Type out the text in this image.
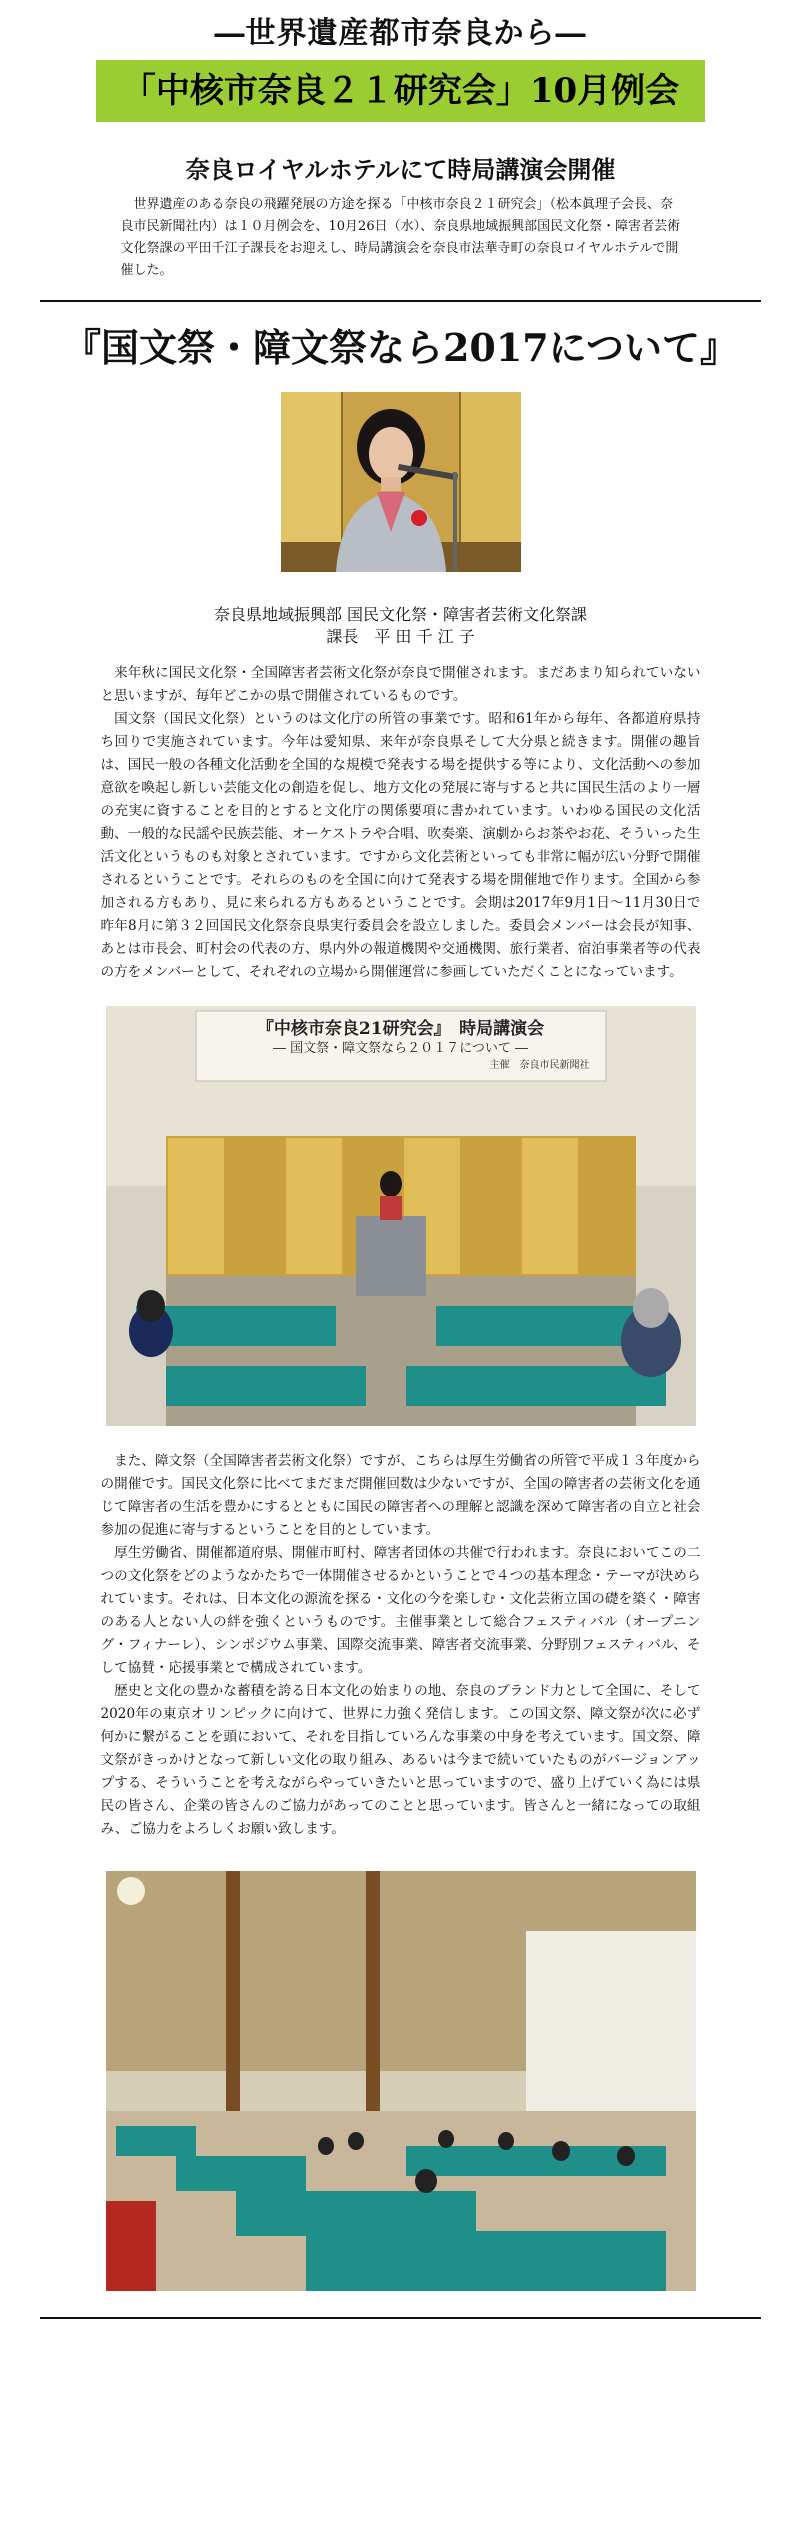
―世界遺産都市奈良から―
「中核市奈良２１研究会」10月例会
奈良ロイヤルホテルにて時局講演会開催

世界遺産のある奈良の飛躍発展の方途を探る「中核市奈良２１研究会」（松本眞理子会長、奈良市民新聞社内）は１０月例会を、10月26日（水）、奈良県地域振興部国民文化祭・障害者芸術文化祭課の平田千江子課長をお迎えし、時局講演会を奈良市法華寺町の奈良ロイヤルホテルで開催した。

『国文祭・障文祭なら2017について』
奈良県地域振興部 国民文化祭・障害者芸術文化祭課
課長　平 田 千 江 子

来年秋に国民文化祭・全国障害者芸術文化祭が奈良で開催されます。まだあまり知られていないと思いますが、毎年どこかの県で開催されているものです。

国文祭（国民文化祭）というのは文化庁の所管の事業です。昭和61年から毎年、各都道府県持ち回りで実施されています。今年は愛知県、来年が奈良県そして大分県と続きます。開催の趣旨は、国民一般の各種文化活動を全国的な規模で発表する場を提供する等により、文化活動への参加意欲を喚起し新しい芸能文化の創造を促し、地方文化の発展に寄与すると共に国民生活のより一層の充実に資することを目的とすると文化庁の関係要項に書かれています。いわゆる国民の文化活動、一般的な民謡や民族芸能、オーケストラや合唱、吹奏楽、演劇からお茶やお花、そういった生活文化というものも対象とされています。ですから文化芸術といっても非常に幅が広い分野で開催されるということです。それらのものを全国に向けて発表する場を開催地で作ります。全国から参加される方もあり、見に来られる方もあるということです。会期は2017年9月1日～11月30日で昨年8月に第３２回国民文化祭奈良県実行委員会を設立しました。委員会メンバーは会長が知事、あとは市長会、町村会の代表の方、県内外の報道機関や交通機関、旅行業者、宿泊事業者等の代表の方をメンバーとして、それぞれの立場から開催運営に参画していただくことになっています。

『中核市奈良21研究会』　時局講演会
― 国文祭・障文祭なら２０１７について ―
主催　奈良市民新聞社

また、障文祭（全国障害者芸術文化祭）ですが、こちらは厚生労働省の所管で平成１３年度からの開催です。国民文化祭に比べてまだまだ開催回数は少ないですが、全国の障害者の芸術文化を通じて障害者の生活を豊かにするとともに国民の障害者への理解と認識を深めて障害者の自立と社会参加の促進に寄与するということを目的としています。

厚生労働省、開催都道府県、開催市町村、障害者団体の共催で行われます。奈良においてこの二つの文化祭をどのようなかたちで一体開催させるかということで４つの基本理念・テーマが決められています。それは、日本文化の源流を探る・文化の今を楽しむ・文化芸術立国の礎を築く・障害のある人とない人の絆を強くというものです。主催事業として総合フェスティバル（オープニング・フィナーレ）、シンポジウム事業、国際交流事業、障害者交流事業、分野別フェスティバル、そして協賛・応援事業とで構成されています。

歴史と文化の豊かな蓄積を誇る日本文化の始まりの地、奈良のブランド力として全国に、そして2020年の東京オリンピックに向けて、世界に力強く発信します。この国文祭、障文祭が次に必ず何かに繋がることを頭において、それを目指していろんな事業の中身を考えています。国文祭、障文祭がきっかけとなって新しい文化の取り組み、あるいは今まで続いていたものがバージョンアップする、そういうことを考えながらやっていきたいと思っていますので、盛り上げていく為には県民の皆さん、企業の皆さんのご協力があってのことと思っています。皆さんと一緒になっての取組み、ご協力をよろしくお願い致します。
